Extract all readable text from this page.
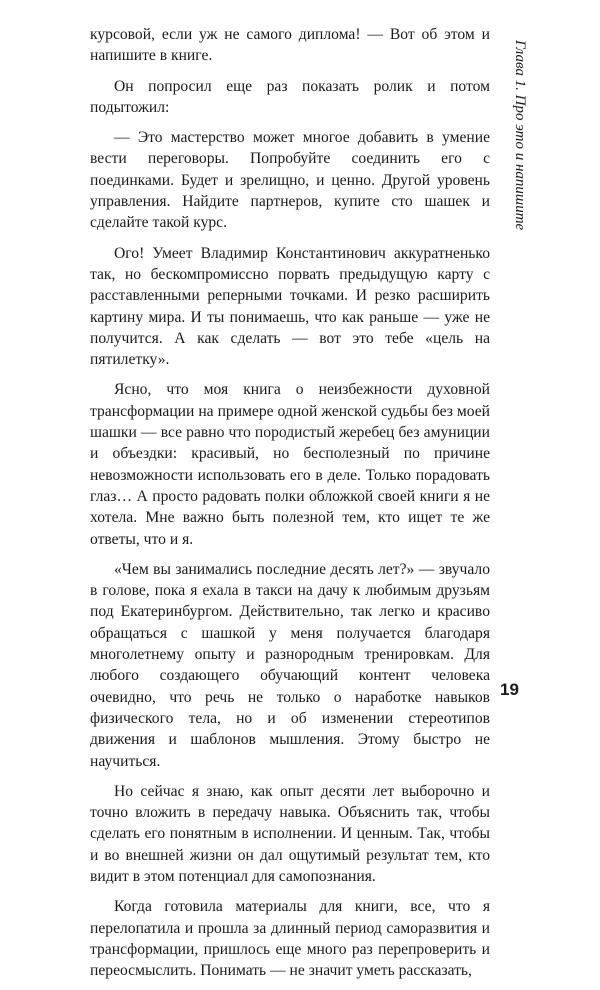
курсовой, если уж не самого диплома! — Вот об этом и напишите в книге.

Он попросил еще раз показать ролик и потом подытожил:

— Это мастерство может многое добавить в умение вести переговоры. Попробуйте соединить его с поединками. Будет и зрелищно, и ценно. Другой уровень управления. Найдите партнеров, купите сто шашек и сделайте такой курс.

Ого! Умеет Владимир Константинович аккуратненько так, но бескомпромиссно порвать предыдущую карту с расставленными реперными точками. И резко расширить картину мира. И ты понимаешь, что как раньше — уже не получится. А как сделать — вот это тебе «цель на пятилетку».

Ясно, что моя книга о неизбежности духовной трансформации на примере одной женской судьбы без моей шашки — все равно что породистый жеребец без амуниции и объездки: красивый, но бесполезный по причине невозможности использовать его в деле. Только порадовать глаз… А просто радовать полки обложкой своей книги я не хотела. Мне важно быть полезной тем, кто ищет те же ответы, что и я.

«Чем вы занимались последние десять лет?» — звучало в голове, пока я ехала в такси на дачу к любимым друзьям под Екатеринбургом. Действительно, так легко и красиво обращаться с шашкой у меня получается благодаря многолетнему опыту и разнородным тренировкам. Для любого создающего обучающий контент человека очевидно, что речь не только о наработке навыков физического тела, но и об изменении стереотипов движения и шаблонов мышления. Этому быстро не научиться.

Но сейчас я знаю, как опыт десяти лет выборочно и точно вложить в передачу навыка. Объяснить так, чтобы сделать его понятным в исполнении. И ценным. Так, чтобы и во внешней жизни он дал ощутимый результат тем, кто видит в этом потенциал для самопознания.

Когда готовила материалы для книги, все, что я перелопатила и прошла за длинный период саморазвития и трансформации, пришлось еще много раз перепроверить и переосмыслить. Понимать — не значит уметь рассказать,

Глава 1. Про это и напишите
19
